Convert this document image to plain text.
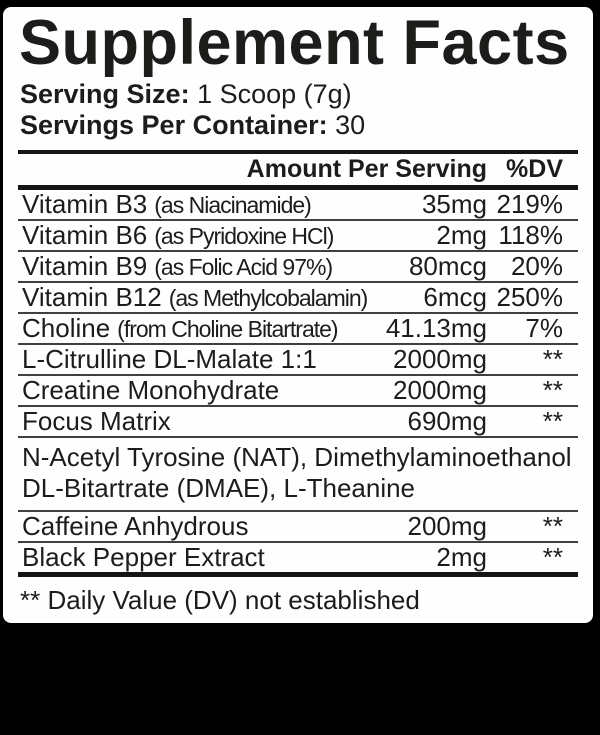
Supplement Facts
Serving Size: 1 Scoop (7g)
Servings Per Container: 30
Amount Per Serving %DV
Vitamin B3 (as Niacinamide)	35mg 219%
Vitamin B6 (as Pyridoxine HCl)	2mg 118%
Vitamin B9 (as Folic Acid 97%)	80mcg 20%
Vitamin B12 (as Methylcobalamin)	6mcg 250%
Choline (from Choline Bitartrate)	41.13mg	7%
L-Citrulline DL-Malate 1:1	2000mg	**
Creatine Monohydrate	2000mg	**
Focus Matrix	690mg	**
N-Acetyl Tyrosine (NAT), Dimethylaminoethanol
DL-Bitartrate (DMAE), L-Theanine
Caffeine Anhydrous	200mg	**
Black Pepper Extract	2mg	**
** Daily Value (DV) not established
